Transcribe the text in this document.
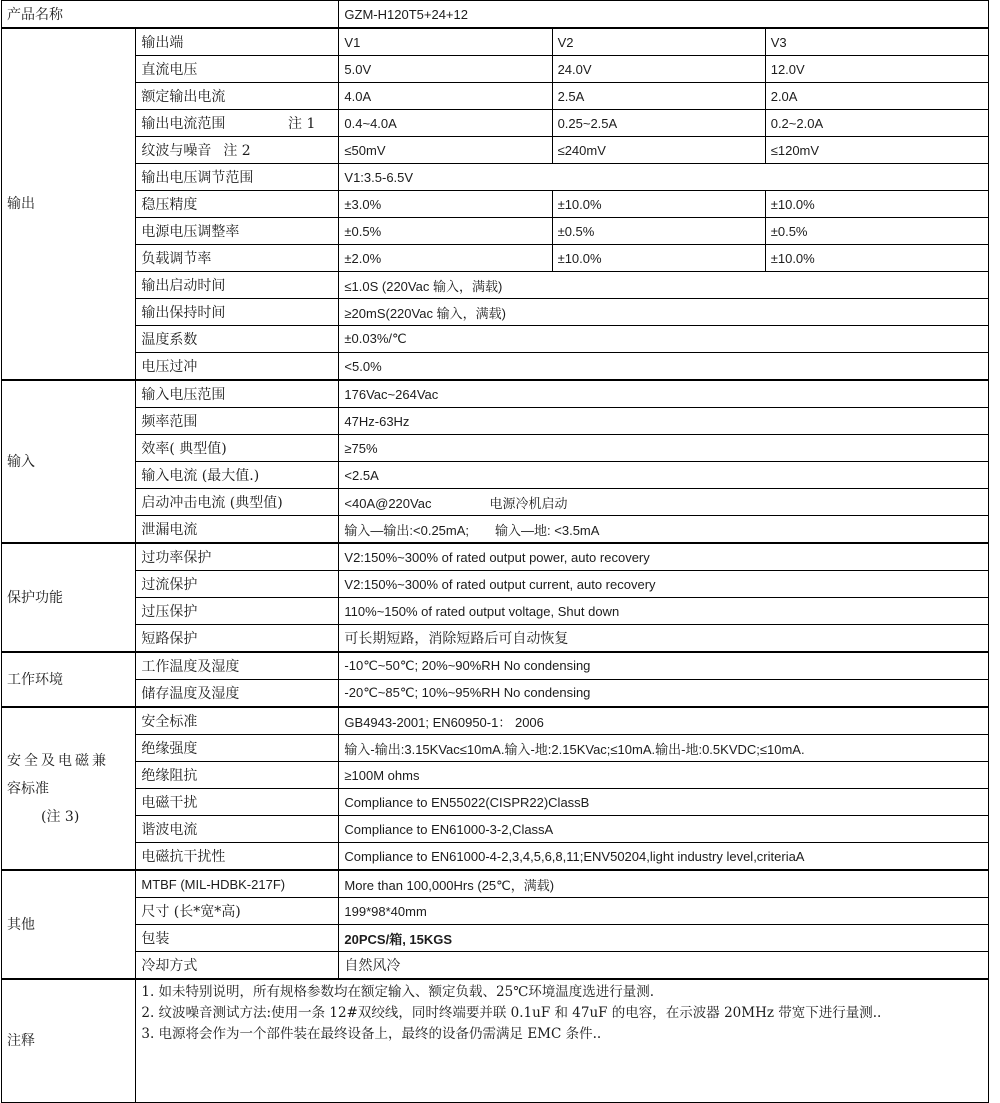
产品名称		GZM-H120T5+24+12		
输出	输出端	V1	V2	V3
	直流电压	5.0V	24.0V	12.0V
	额定输出电流	4.0A	2.5A	2.0A
	输出电流范围 注 1	0.4~4.0A	0.25~2.5A	0.2~2.0A
	纹波与噪音 注 2	≤50mV	≤240mV	≤120mV
	输出电压调节范围	V1:3.5-6.5V		
	稳压精度	±3.0%	±10.0%	±10.0%
	电源电压调整率	±0.5%	±0.5%	±0.5%
	负载调节率	±2.0%	±10.0%	±10.0%
	输出启动时间	≤1.0S (220Vac 输入，满载)		
	输出保持时间	≥20mS(220Vac 输入，满载)		
	温度系数	±0.03%/℃		
	电压过冲	<5.0%		
输入	输入电压范围	176Vac~264Vac		
	频率范围	47Hz-63Hz		
	效率( 典型值)	≥75%		
	输入电流 (最大值.)	<2.5A		
	启动冲击电流 (典型值)	<40A@220Vac 电源冷机启动		
	泄漏电流	输入—输出:<0.25mA; 输入—地: <3.5mA		
保护功能	过功率保护	V2:150%~300% of rated output power, auto recovery		
	过流保护	V2:150%~300% of rated output current, auto recovery		
	过压保护	110%~150% of rated output voltage, Shut down		
	短路保护	可长期短路，消除短路后可自动恢复		
工作环境	工作温度及湿度	-10℃~50℃; 20%~90%RH No condensing		
	储存温度及湿度	-20℃~85℃; 10%~95%RH No condensing		

安全及电磁兼
容标准
(注 3)	安全标准	GB4943-2001; EN60950-1： 2006		
	绝缘强度	输入-输出:3.15KVac≤10mA.输入-地:2.15KVac;≤10mA.输出-地:0.5KVDC;≤10mA.		
	绝缘阻抗	≥100M ohms		
	电磁干扰	Compliance to EN55022(CISPR22)ClassB		
	谐波电流	Compliance to EN61000-3-2,ClassA		
	电磁抗干扰性	Compliance to EN61000-4-2,3,4,5,6,8,11;ENV50204,light industry level,criteriaA		
其他	MTBF (MIL-HDBK-217F)	More than 100,000Hrs (25℃，满载)		
	尺寸 (长*宽*高)	199*98*40mm		
	包装	20PCS/箱, 15KGS		
	冷却方式	自然风冷		
注释	1. 如未特别说明，所有规格参数均在额定输入、额定负载、25℃环境温度选进行量测.
2. 纹波噪音测试方法:使用一条 12#双绞线，同时终端要并联 0.1uF 和 47uF 的电容，在示波器 20MHz 带宽下进行量测..
3. 电源将会作为一个部件装在最终设备上，最终的设备仍需满足 EMC 条件..			
